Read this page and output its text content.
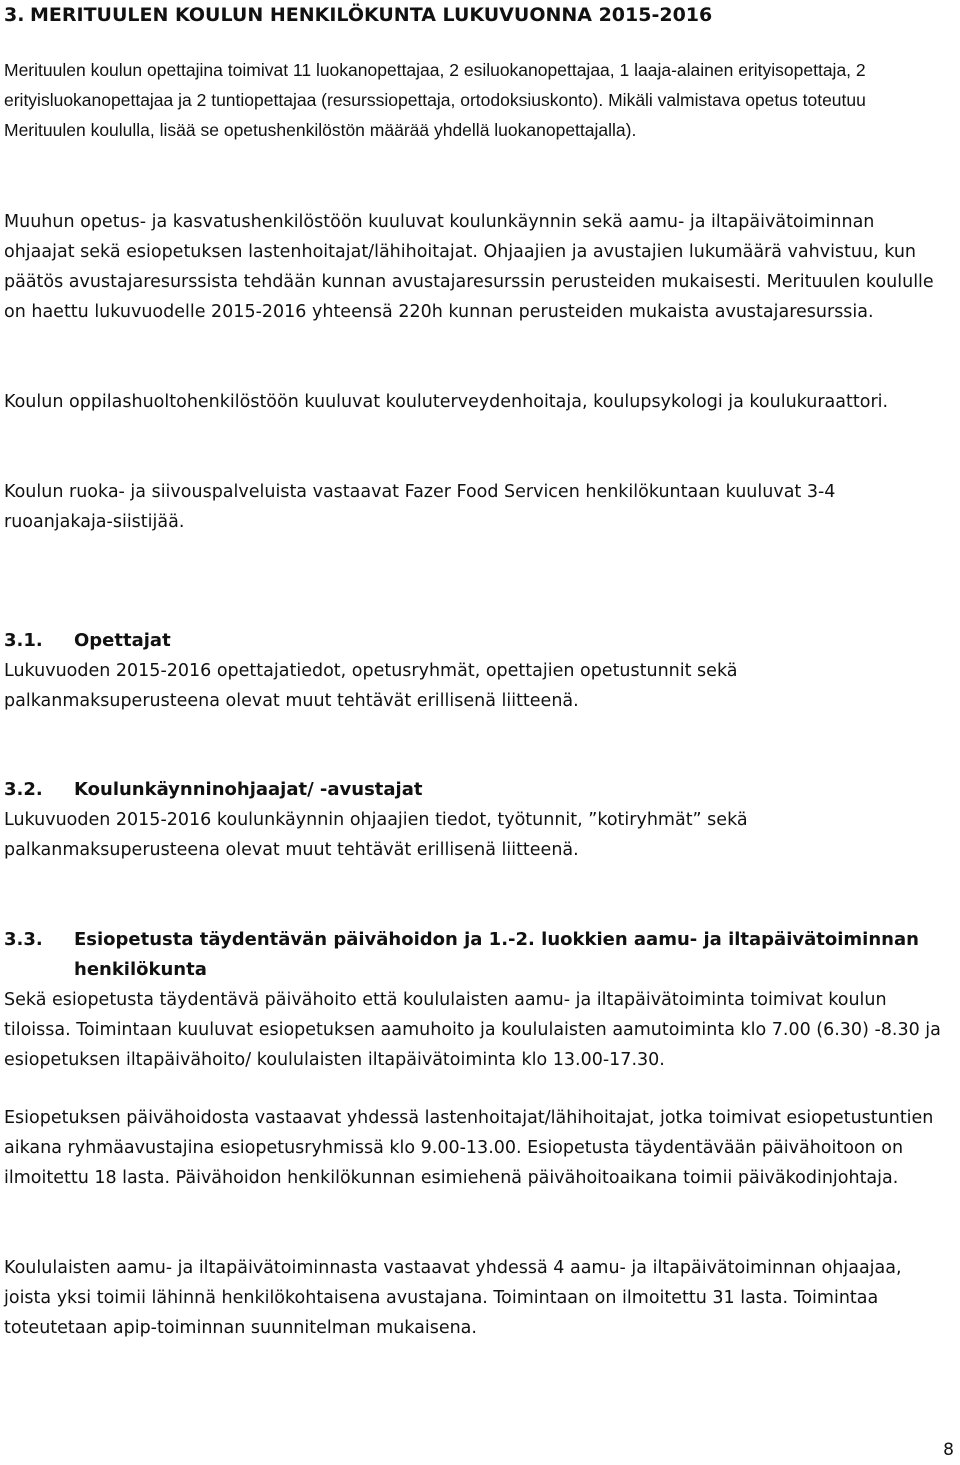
3. MERITUULEN KOULUN HENKILÖKUNTA LUKUVUONNA 2015-2016

Merituulen koulun opettajina toimivat 11 luokanopettajaa, 2 esiluokanopettajaa, 1 laaja-alainen erityisopettaja, 2 erityisluokanopettajaa ja 2 tuntiopettajaa (resurssiopettaja, ortodoksiuskonto). Mikäli valmistava opetus toteutuu Merituulen koululla, lisää se opetushenkilöstön määrää yhdellä luokanopettajalla).

Muuhun opetus- ja kasvatushenkilöstöön kuuluvat koulunkäynnin sekä aamu- ja iltapäivätoiminnan ohjaajat sekä esiopetuksen lastenhoitajat/lähihoitajat. Ohjaajien ja avustajien lukumäärä vahvistuu, kun päätös avustajaresurssista tehdään kunnan avustajaresurssin perusteiden mukaisesti. Merituulen koululle on haettu lukuvuodelle 2015-2016 yhteensä 220h kunnan perusteiden mukaista avustajaresurssia.

Koulun oppilashuoltohenkilöstöön kuuluvat kouluterveydenhoitaja, koulupsykologi ja koulukuraattori.

Koulun ruoka- ja siivouspalveluista vastaavat Fazer Food Servicen henkilökuntaan kuuluvat 3-4 ruoanjakaja-siistijää.

3.1. Opettajat

Lukuvuoden 2015-2016 opettajatiedot, opetusryhmät, opettajien opetustunnit sekä palkanmaksuperusteena olevat muut tehtävät erillisenä liitteenä.

3.2. Koulunkäynninohjaajat/ -avustajat

Lukuvuoden 2015-2016 koulunkäynnin ohjaajien tiedot, työtunnit, ”kotiryhmät” sekä palkanmaksuperusteena olevat muut tehtävät erillisenä liitteenä.

3.3. Esiopetusta täydentävän päivähoidon ja 1.-2. luokkien aamu- ja iltapäivätoiminnan henkilökunta

Sekä esiopetusta täydentävä päivähoito että koululaisten aamu- ja iltapäivätoiminta toimivat koulun tiloissa. Toimintaan kuuluvat esiopetuksen aamuhoito ja koululaisten aamutoiminta klo 7.00 (6.30) -8.30 ja esiopetuksen iltapäivähoito/ koululaisten iltapäivätoiminta klo 13.00-17.30.

Esiopetuksen päivähoidosta vastaavat yhdessä lastenhoitajat/lähihoitajat, jotka toimivat esiopetustuntien aikana ryhmäavustajina esiopetusryhmissä klo 9.00-13.00. Esiopetusta täydentävään päivähoitoon on ilmoitettu 18 lasta. Päivähoidon henkilökunnan esimiehenä päivähoitoaikana toimii päiväkodinjohtaja.

Koululaisten aamu- ja iltapäivätoiminnasta vastaavat yhdessä 4 aamu- ja iltapäivätoiminnan ohjaajaa, joista yksi toimii lähinnä henkilökohtaisena avustajana. Toimintaan on ilmoitettu 31 lasta. Toimintaa toteutetaan apip-toiminnan suunnitelman mukaisena.

8
